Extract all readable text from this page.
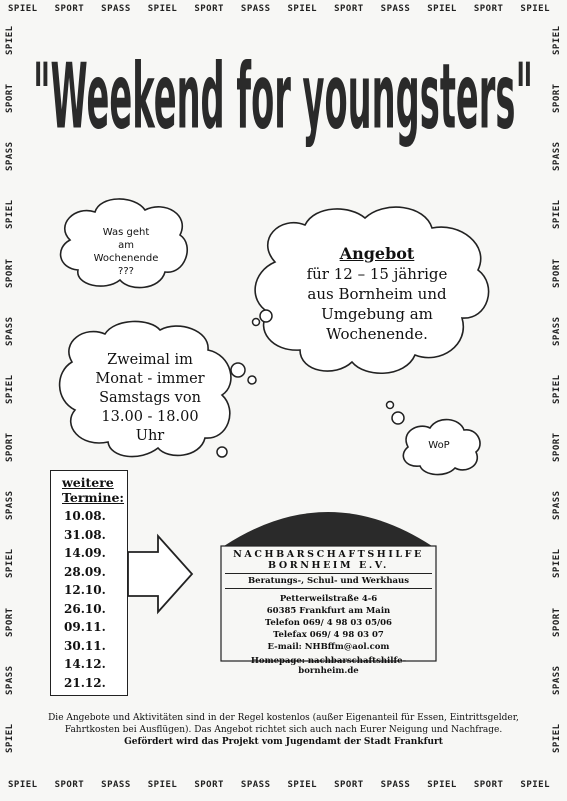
SPIEL SPORT SPASS SPIEL SPORT SPASS SPIEL SPORT SPASS SPIEL SPORT SPIEL
SPIEL SPORT SPASS SPIEL SPORT SPASS SPIEL SPORT SPASS SPIEL SPORT SPIEL
SPIEL
SPORT
SPASS
SPIEL
SPORT
SPASS
SPIEL
SPORT
SPASS
SPIEL
SPORT
SPASS
SPIEL
SPIEL
SPORT
SPASS
SPIEL
SPORT
SPASS
SPIEL
SPORT
SPASS
SPIEL
SPORT
SPASS
SPIEL
"Weekend for youngsters"
Was geht
am
Wochenende
???
Angebot
für 12 – 15 jährige
aus Bornheim und
Umgebung am
Wochenende.
Zweimal im
Monat - immer
Samstags von
13.00 - 18.00
Uhr
WoP
weitere
Termine:
10.08.
31.08.
14.09.
28.09.
12.10.
26.10.
09.11.
30.11.
14.12.
21.12.
NACHBARSCHAFTSHILFE
BORNHEIM E.V.
Beratungs-, Schul- und Werkhaus
Petterweilstraße 4-6
60385 Frankfurt am Main
Telefon 069/ 4 98 03 05/06
Telefax 069/ 4 98 03 07
E-mail: NHBffm@aol.com
Homepage: nachbarschaftshilfe-bornheim.de
Die Angebote und Aktivitäten sind in der Regel kostenlos (außer Eigenanteil für Essen, Eintrittsgelder,
Fahrtkosten bei Ausflügen). Das Angebot richtet sich auch nach Eurer Neigung und Nachfrage.
Gefördert wird das Projekt vom Jugendamt der Stadt Frankfurt
